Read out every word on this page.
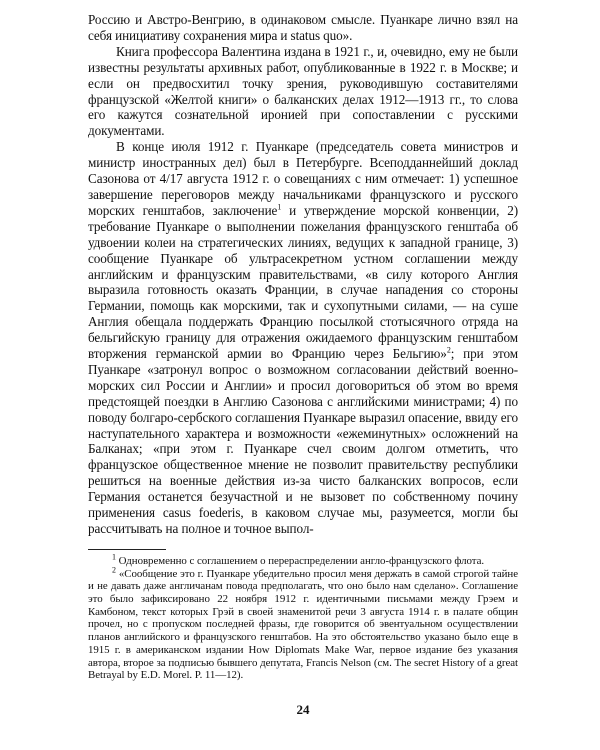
Россию и Австро-Венгрию, в одинаковом смысле. Пуанкаре лично взял на себя инициативу сохранения мира и status quo».

Книга профессора Валентина издана в 1921 г., и, очевидно, ему не были известны результаты архивных работ, опубликованные в 1922 г. в Москве; и если он предвосхитил точку зрения, руководившую составителями французской «Желтой книги» о балканских делах 1912—1913 гг., то слова его кажутся сознательной иронией при сопоставлении с русскими документами.

В конце июля 1912 г. Пуанкаре (председатель совета министров и министр иностранных дел) был в Петербурге. Всеподданнейший доклад Сазонова от 4/17 августа 1912 г. о совещаниях с ним отмечает: 1) успешное завершение переговоров между начальниками французского и русского морских генштабов, заключение$^1$ и утверждение морской конвенции, 2) требование Пуанкаре о выполнении пожелания французского генштаба об удвоении колеи на стратегических линиях, ведущих к западной границе, 3) сообщение Пуанкаре об ультрасекретном устном соглашении между английским и французским правительствами, «в силу которого Англия выразила готовность оказать Франции, в случае нападения со стороны Германии, помощь как морскими, так и сухопутными силами, — на суше Англия обещала поддержать Францию посылкой стотысячного отряда на бельгийскую границу для отражения ожидаемого французским генштабом вторжения германской армии во Францию через Бельгию»$^2$; при этом Пуанкаре «затронул вопрос о возможном согласовании действий военно-морских сил России и Англии» и просил договориться об этом во время предстоящей поездки в Англию Сазонова с английскими министрами; 4) по поводу болгаро-сербского соглашения Пуанкаре выразил опасение, ввиду его наступательного характера и возможности «ежеминутных» осложнений на Балканах; «при этом г. Пуанкаре счел своим долгом отметить, что французское общественное мнение не позволит правительству республики решиться на военные действия из-за чисто балканских вопросов, если Германия останется безучастной и не вызовет по собственному почину применения casus foederis, в каковом случае мы, разумеется, могли бы рассчитывать на полное и точное выпол-

$^1$ Одновременно с соглашением о перераспределении англо-французского флота.

$^2$ «Сообщение это г. Пуанкаре убедительно просил меня держать в самой строгой тайне и не давать даже англичанам повода предполагать, что оно было нам сделано». Соглашение это было зафиксировано 22 ноября 1912 г. идентичными письмами между Грэем и Камбоном, текст которых Грэй в своей знаменитой речи 3 августа 1914 г. в палате общин прочел, но с пропуском последней фразы, где говорится об эвентуальном осуществлении планов английского и французского генштабов. На это обстоятельство указано было еще в 1915 г. в американском издании How Diplomats Make War, первое издание без указания автора, второе за подписью бывшего депутата, Francis Nelson (см. The secret History of a great Betrayal by E.D. Morel. P. 11—12).

24
